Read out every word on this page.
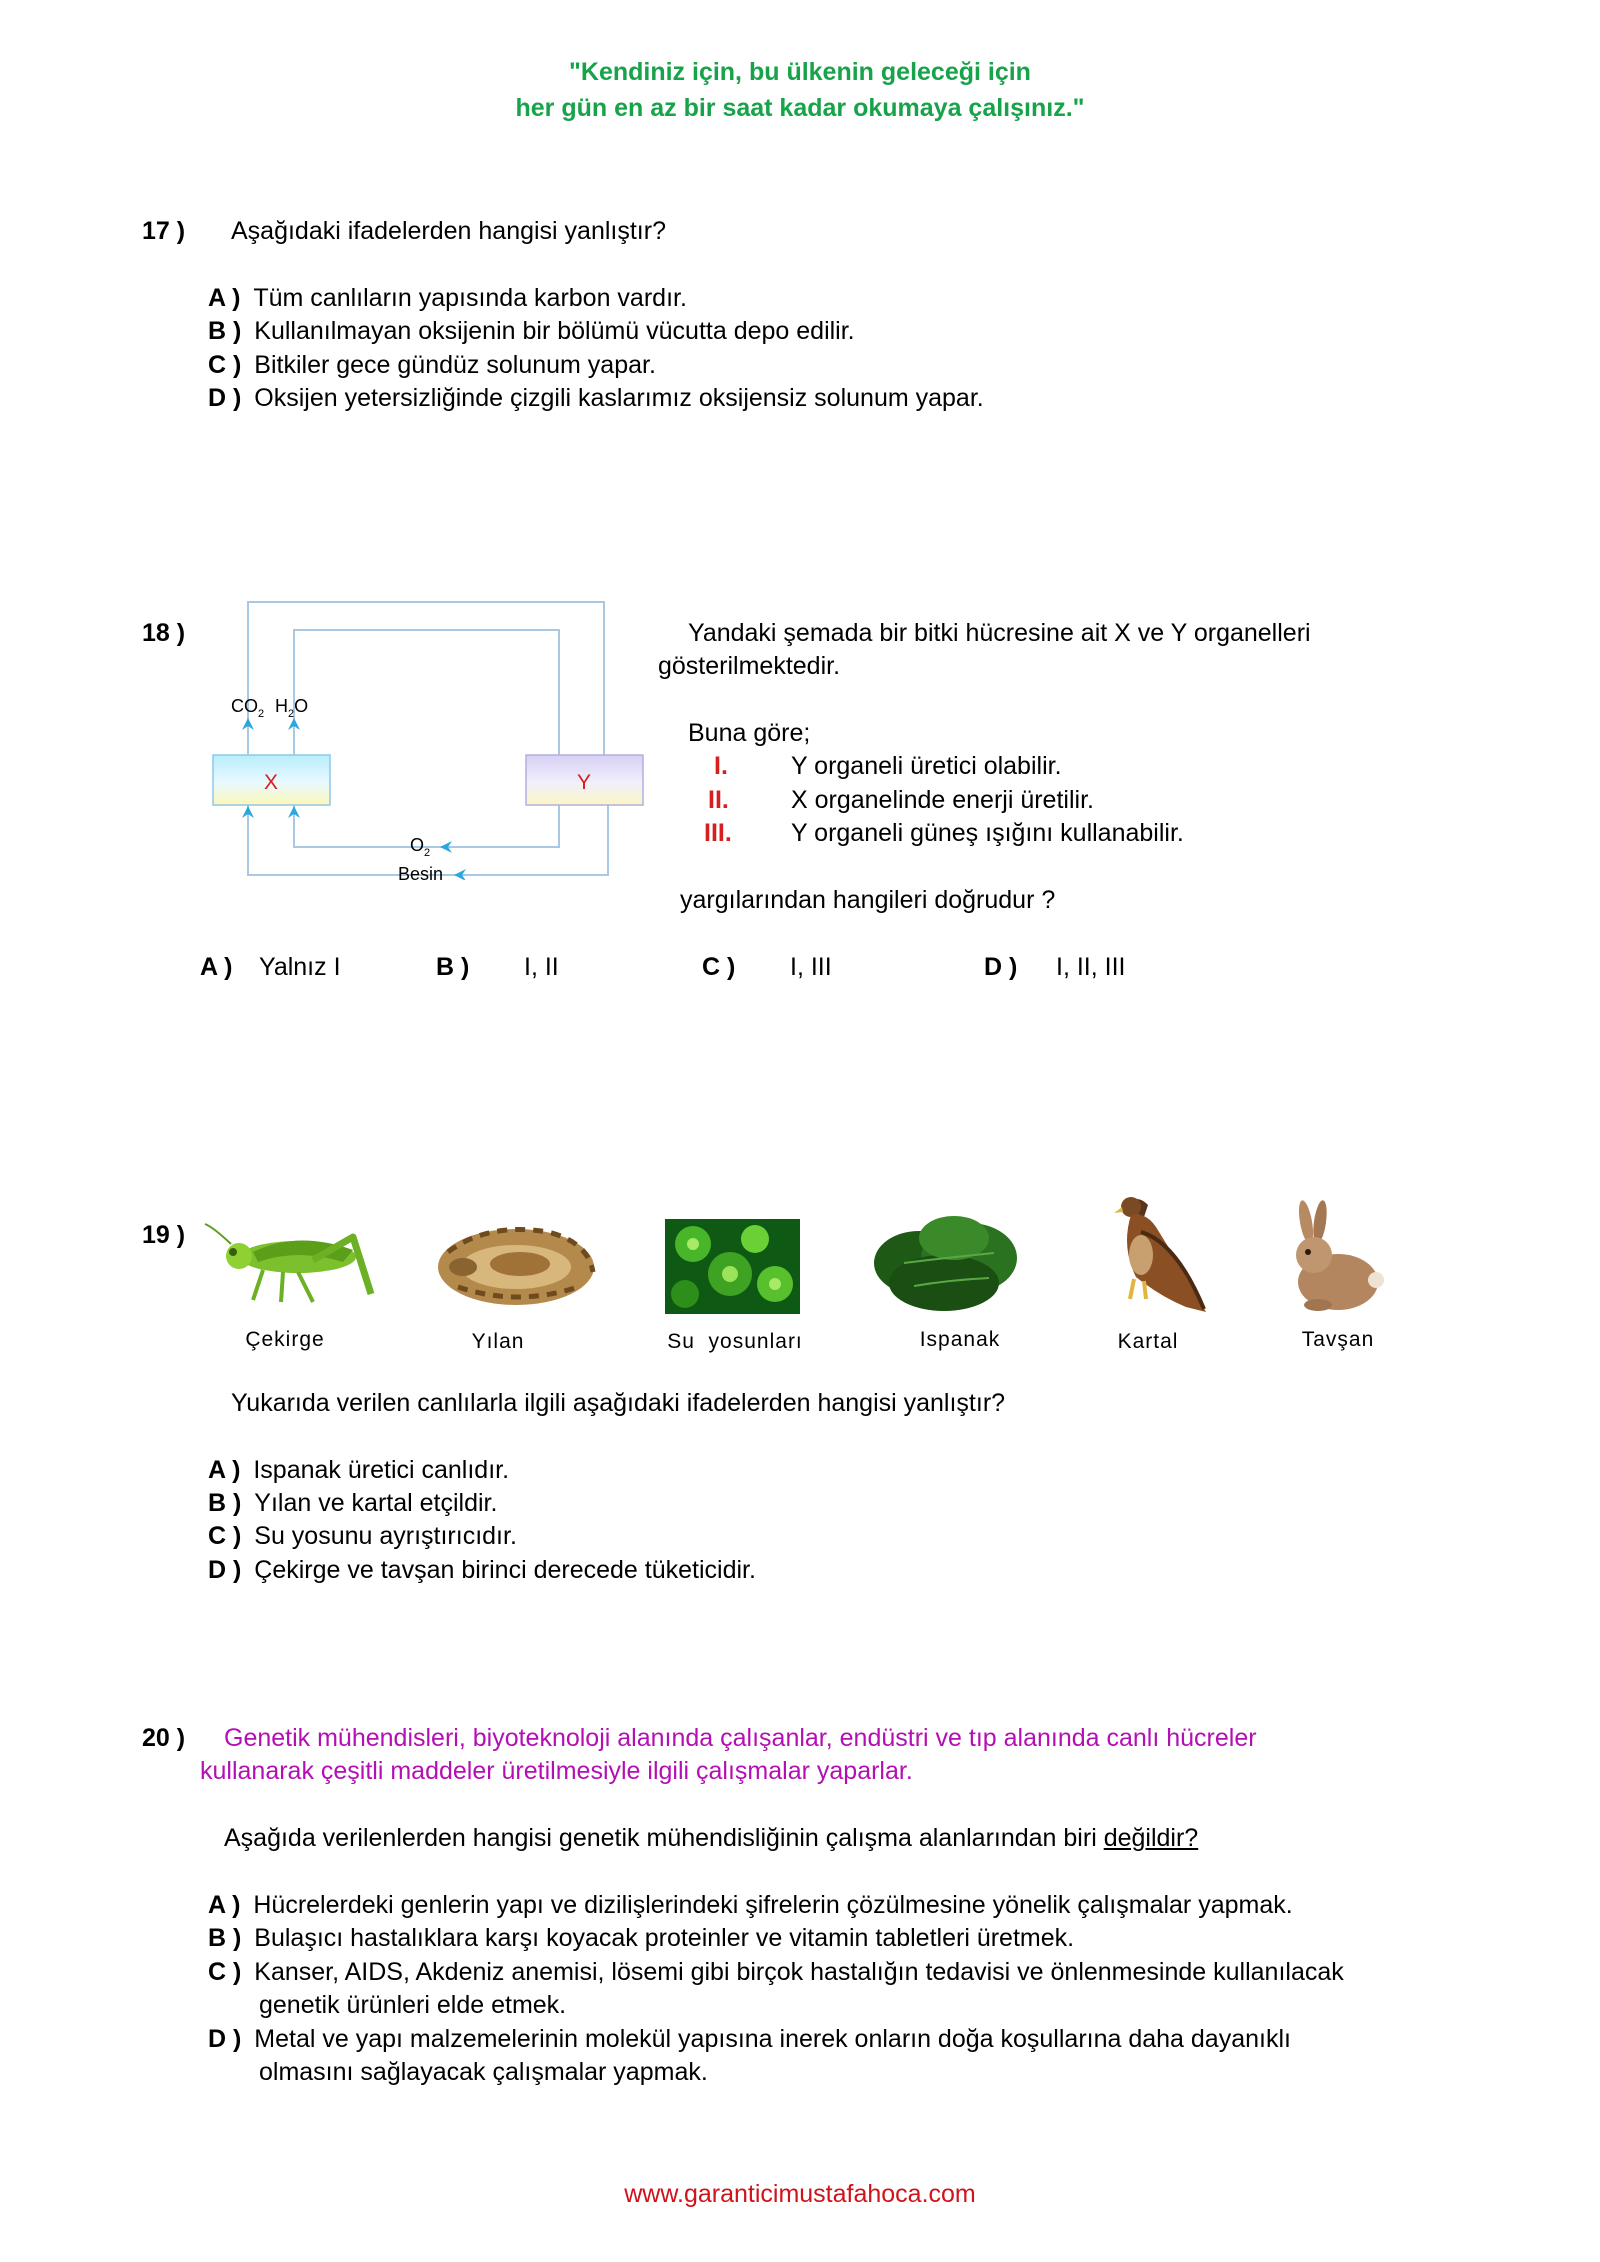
"Kendiniz için, bu ülkenin geleceği için
her gün en az bir saat kadar okumaya çalışınız."
17 ) Aşağıdaki ifadelerden hangisi yanlıştır?
A ) Tüm canlıların yapısında karbon vardır.
B ) Kullanılmayan oksijenin bir bölümü vücutta depo edilir.
C ) Bitkiler gece gündüz solunum yapar.
D ) Oksijen yetersizliğinde çizgili kaslarımız oksijensiz solunum yapar.
18 )
X	Y
$CO_2$ $H_2O$
$O_2$
Besin
Yandaki şemada bir bitki hücresine ait X ve Y organelleri
gösterilmektedir.
Buna göre;
I.	Y organeli üretici olabilir.
II. X organelinde enerji üretilir.
III. Y organeli güneş ışığını kullanabilir.
yargılarından hangileri doğrudur ?
A ) Yalnız I	B ) I, II	C ) I, III	D ) I, II, III
19 )
Çekirge	Yılan	Su  yosunları	Ispanak	Kartal	Tavşan
Yukarıda verilen canlılarla ilgili aşağıdaki ifadelerden hangisi yanlıştır?
A ) Ispanak üretici canlıdır.
B ) Yılan ve kartal etçildir.
C ) Su yosunu ayrıştırıcıdır.
D ) Çekirge ve tavşan birinci derecede tüketicidir.
20 ) Genetik mühendisleri, biyoteknoloji alanında çalışanlar, endüstri ve tıp alanında canlı hücreler
kullanarak çeşitli maddeler üretilmesiyle ilgili çalışmalar yaparlar.
Aşağıda verilenlerden hangisi genetik mühendisliğinin çalışma alanlarından biri değildir?
A ) Hücrelerdeki genlerin yapı ve dizilişlerindeki şifrelerin çözülmesine yönelik çalışmalar yapmak.
B ) Bulaşıcı hastalıklara karşı koyacak proteinler ve vitamin tabletleri üretmek.
C ) Kanser, AIDS, Akdeniz anemisi, lösemi gibi birçok hastalığın tedavisi ve önlenmesinde kullanılacak
genetik ürünleri elde etmek.
D ) Metal ve yapı malzemelerinin molekül yapısına inerek onların doğa koşullarına daha dayanıklı
olmasını sağlayacak çalışmalar yapmak.
www.garanticimustafahoca.com
